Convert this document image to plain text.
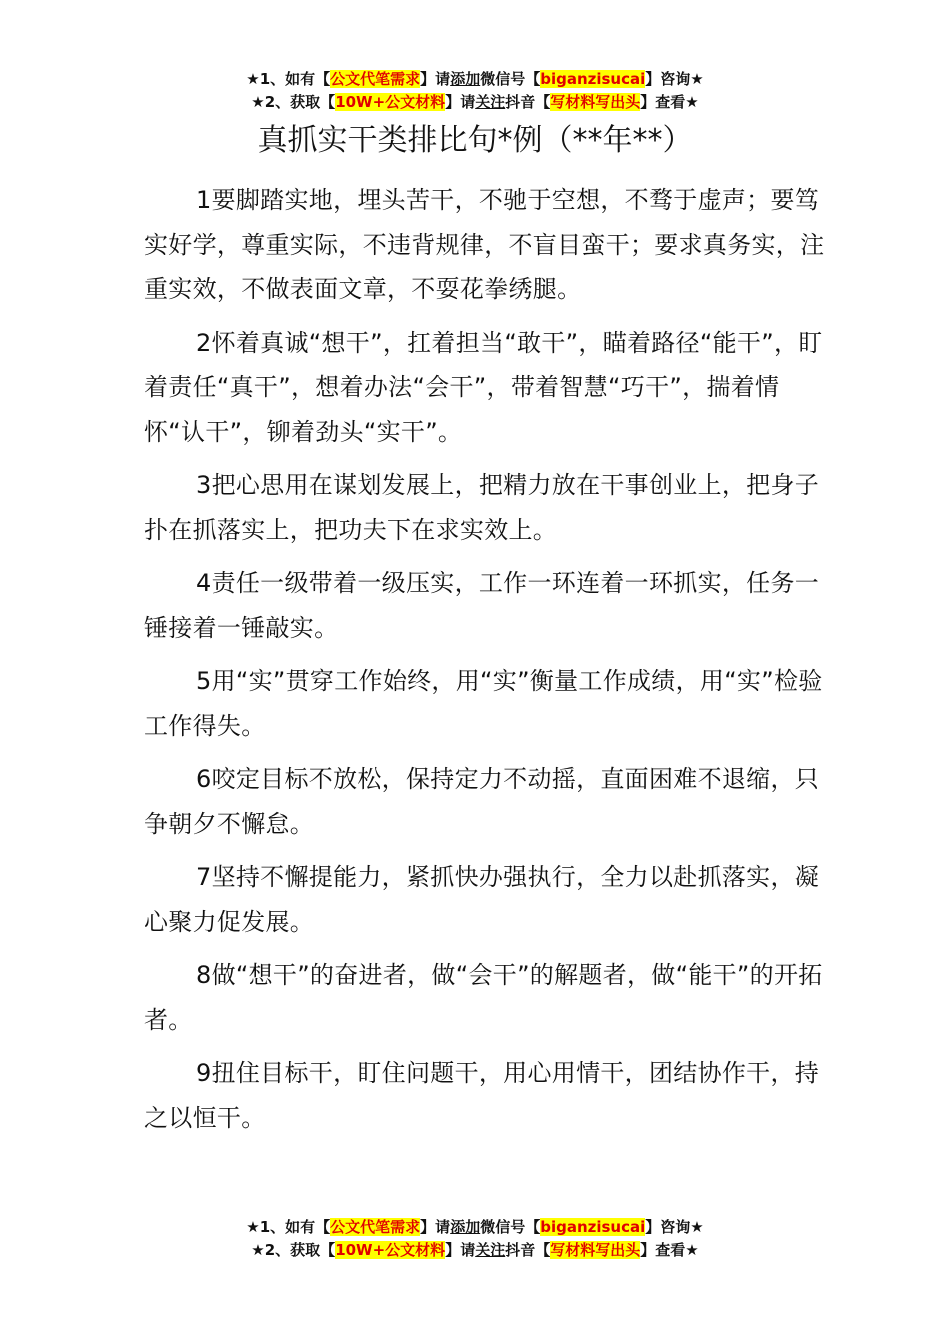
★1、如有【公文代笔需求】请添加微信号【biganzisucai】咨询★
★2、获取【10W+公文材料】请关注抖音【写材料写出头】查看★
真抓实干类排比句*例（**年**）

1要脚踏实地，埋头苦干，不驰于空想，不骛于虚声；要笃实好学，尊重实际，不违背规律，不盲目蛮干；要求真务实，注重实效，不做表面文章，不耍花拳绣腿。

2怀着真诚“想干”，扛着担当“敢干”，瞄着路径“能干”，盯着责任“真干”，想着办法“会干”，带着智慧“巧干”，揣着情怀“认干”，铆着劲头“实干”。

3把心思用在谋划发展上，把精力放在干事创业上，把身子扑在抓落实上，把功夫下在求实效上。

4责任一级带着一级压实，工作一环连着一环抓实，任务一锤接着一锤敲实。

5用“实”贯穿工作始终，用“实”衡量工作成绩，用“实”检验工作得失。

6咬定目标不放松，保持定力不动摇，直面困难不退缩，只争朝夕不懈怠。

7坚持不懈提能力，紧抓快办强执行，全力以赴抓落实，凝心聚力促发展。

8做“想干”的奋进者，做“会干”的解题者，做“能干”的开拓者。

9扭住目标干，盯住问题干，用心用情干，团结协作干，持之以恒干。

★1、如有【公文代笔需求】请添加微信号【biganzisucai】咨询★
★2、获取【10W+公文材料】请关注抖音【写材料写出头】查看★
